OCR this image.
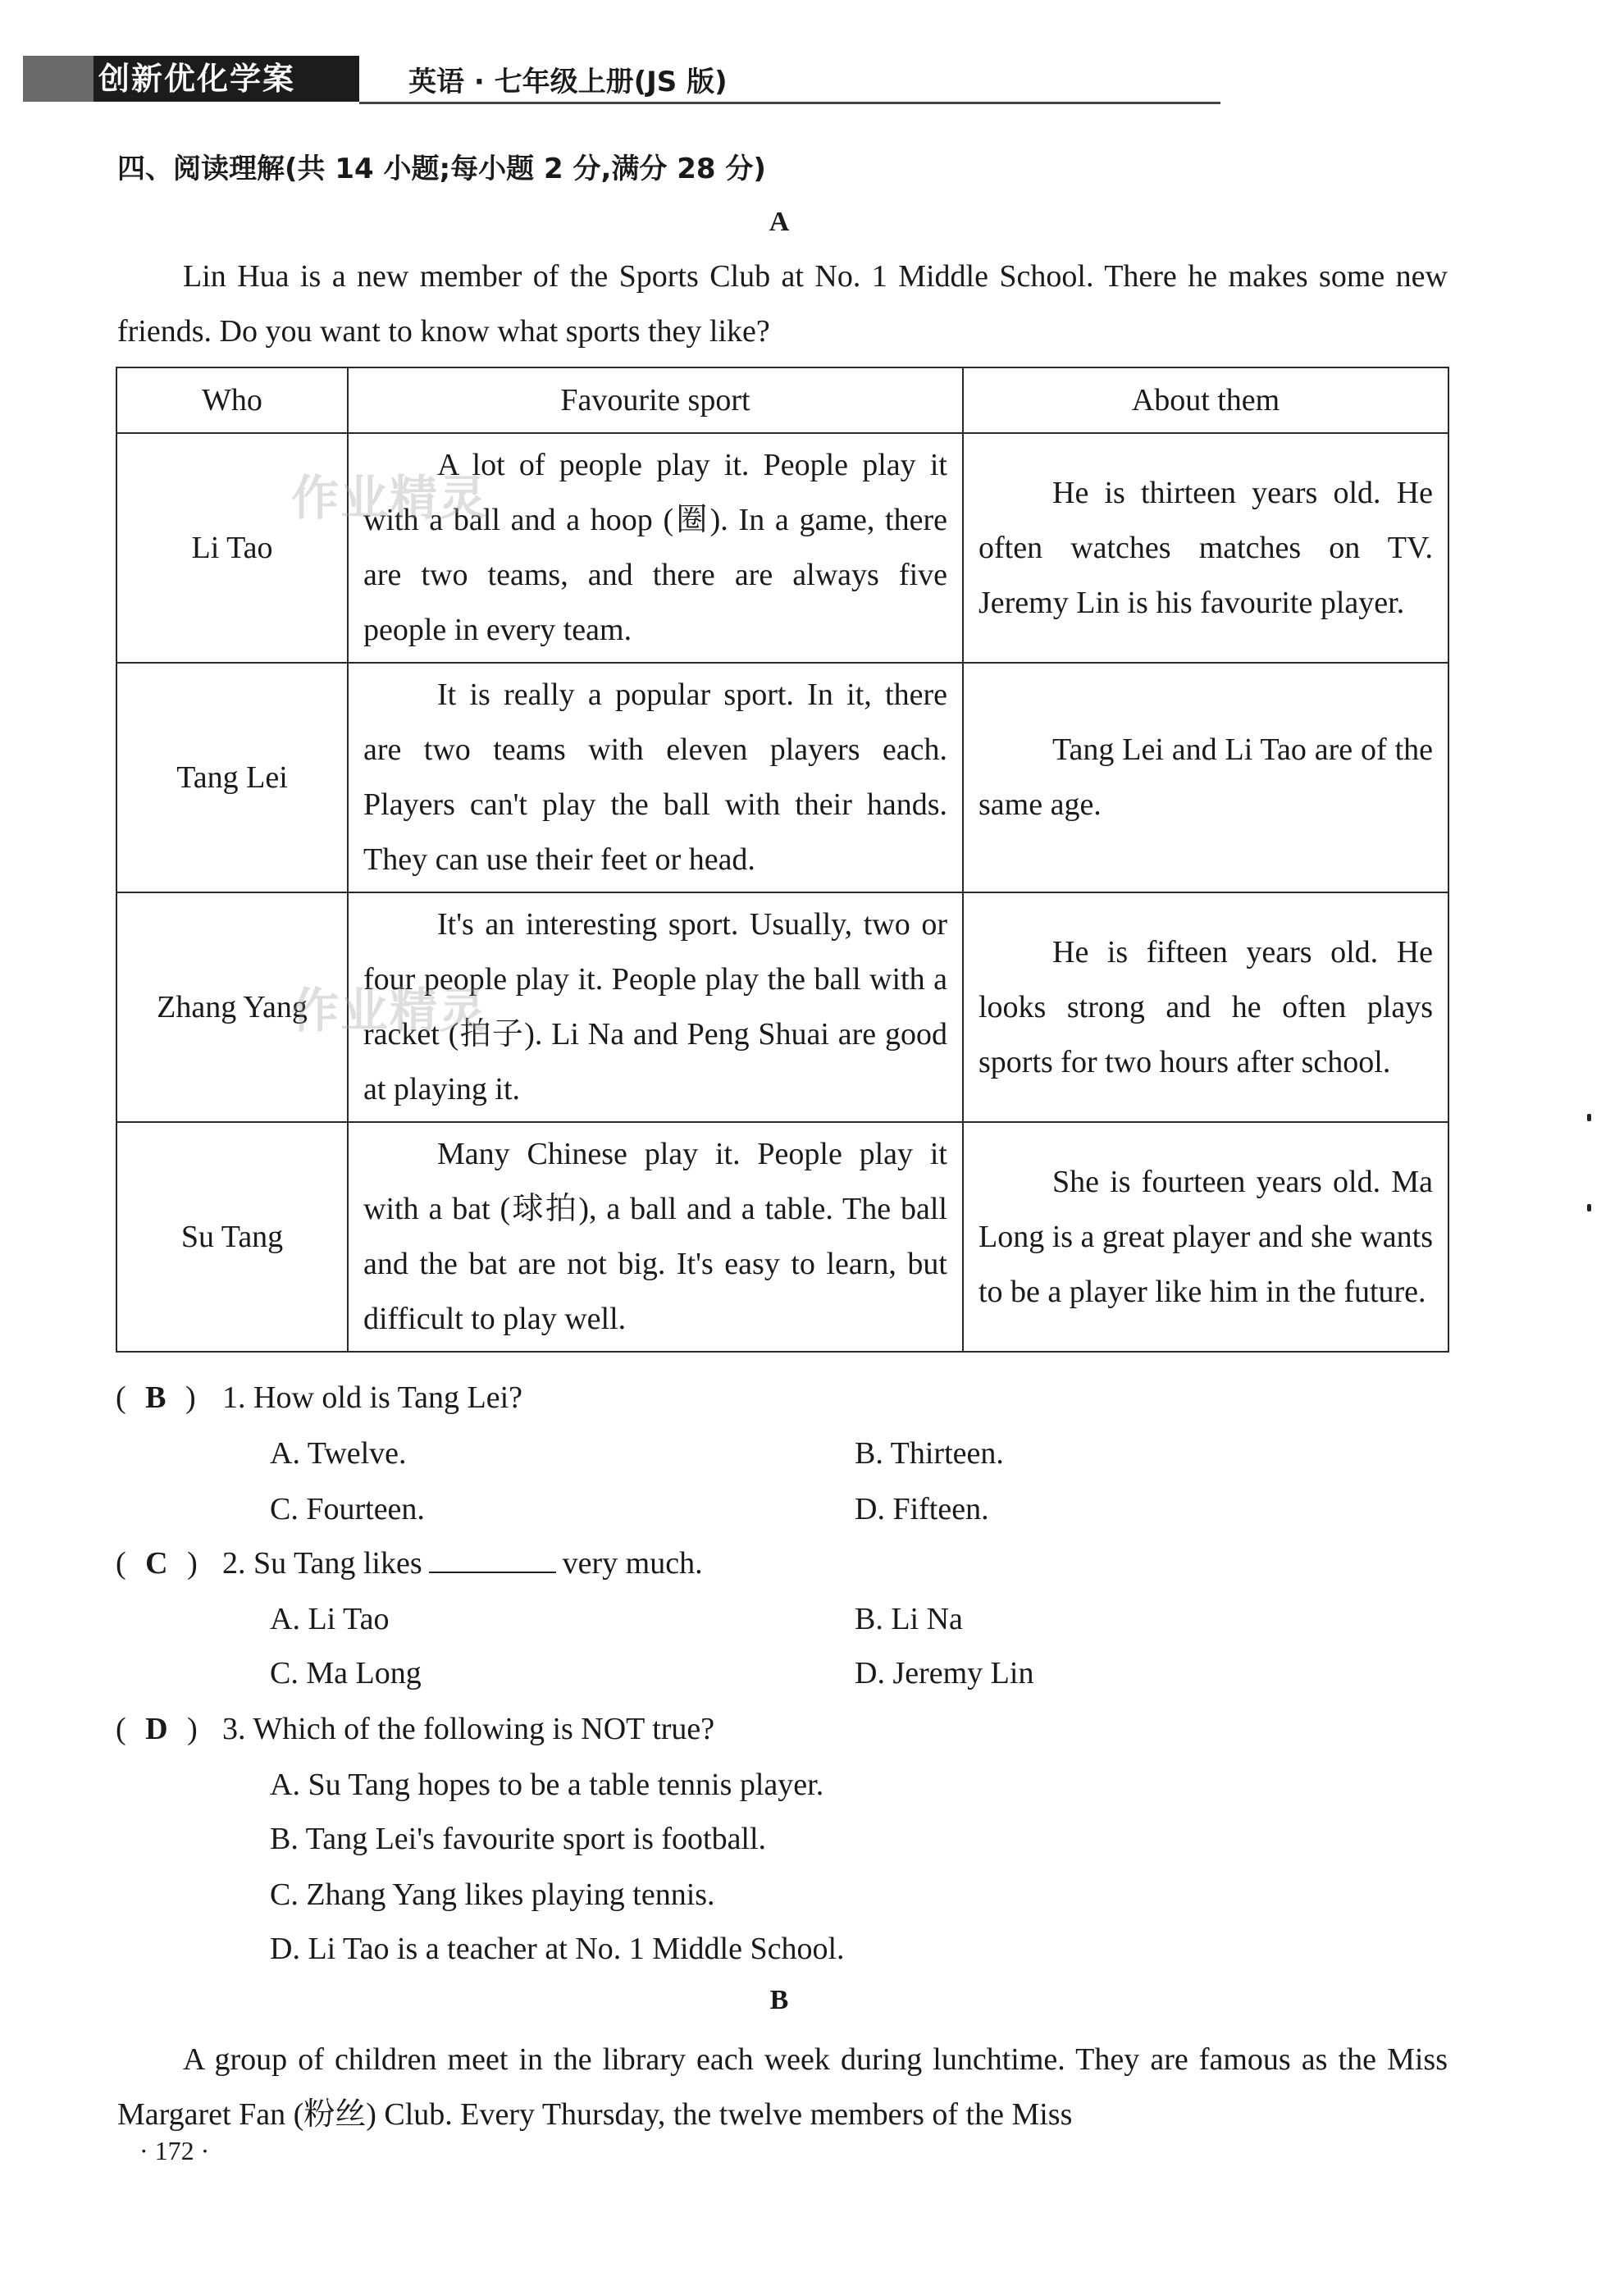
创新优化学案	英语 · 七年级上册(JS 版)
四、阅读理解(共 14 小题;每小题 2 分,满分 28 分)
A
Lin Hua is a new member of the Sports Club at No. 1 Middle School. There he makes some new friends. Do you want to know what sports they like?
Who	Favourite sport	About them
Li Tao	A lot of people play it. People play it with a ball and a hoop (圈). In a game, there are two teams, and there are always five people in every team.	He is thirteen years old. He often watches matches on TV. Jeremy Lin is his favourite player.

Tang Lei	It is really a popular sport. In it, there are two teams with eleven players each. Players can't play the ball with their hands. They can use their feet or head.	Tang Lei and Li Tao are of the same age.

Zhang Yang	It's an interesting sport. Usually, two or four people play it. People play the ball with a racket (拍子). Li Na and Peng Shuai are good at playing it.	He is fifteen years old. He looks strong and he often plays sports for two hours after school.

Su Tang	Many Chinese play it. People play it with a bat (球拍), a ball and a table. The ball and the bat are not big. It's easy to learn, but difficult to play well.	She is fourteen years old. Ma Long is a great player and she wants to be a player like him in the future.
作业精灵
作业精灵
( B ) 1. How old is Tang Lei?
A. Twelve.	B. Thirteen.
C. Fourteen.	D. Fifteen.
( C ) 2. Su Tang likes	very much.
A. Li Tao	B. Li Na
C. Ma Long	D. Jeremy Lin
( D ) 3. Which of the following is NOT true?
A. Su Tang hopes to be a table tennis player.
B. Tang Lei's favourite sport is football.
C. Zhang Yang likes playing tennis.
D. Li Tao is a teacher at No. 1 Middle School.
B
A group of children meet in the library each week during lunchtime. They are famous as the Miss Margaret Fan (粉丝) Club. Every Thursday, the twelve members of the Miss
· 172 ·
